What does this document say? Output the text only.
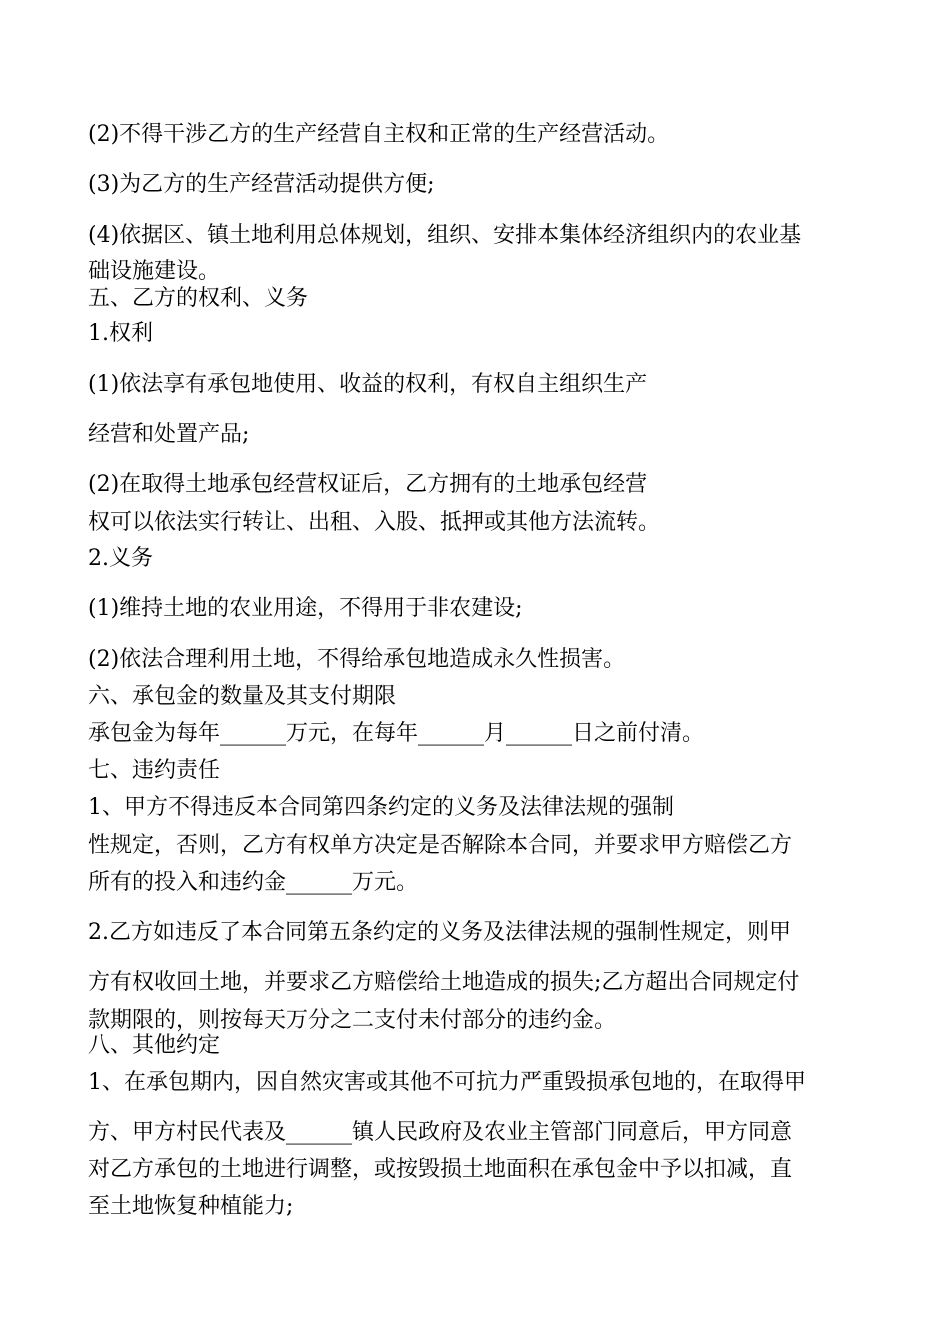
(2)不得干涉乙方的生产经营自主权和正常的生产经营活动。
(3)为乙方的生产经营活动提供方便;
(4)依据区、镇土地利用总体规划，组织、安排本集体经济组织内的农业基
础设施建设。
五、乙方的权利、义务
1.权利
(1)依法享有承包地使用、收益的权利，有权自主组织生产
经营和处置产品;
(2)在取得土地承包经营权证后，乙方拥有的土地承包经营
权可以依法实行转让、出租、入股、抵押或其他方法流转。
2.义务
(1)维持土地的农业用途，不得用于非农建设;
(2)依法合理利用土地，不得给承包地造成永久性损害。
六、承包金的数量及其支付期限
承包金为每年______万元，在每年______月______日之前付清。
七、违约责任
1、甲方不得违反本合同第四条约定的义务及法律法规的强制
性规定，否则，乙方有权单方决定是否解除本合同，并要求甲方赔偿乙方
所有的投入和违约金______万元。
2.乙方如违反了本合同第五条约定的义务及法律法规的强制性规定，则甲
方有权收回土地，并要求乙方赔偿给土地造成的损失;乙方超出合同规定付
款期限的，则按每天万分之二支付未付部分的违约金。
八、其他约定
1、在承包期内，因自然灾害或其他不可抗力严重毁损承包地的，在取得甲
方、甲方村民代表及______镇人民政府及农业主管部门同意后，甲方同意
对乙方承包的土地进行调整，或按毁损土地面积在承包金中予以扣减，直
至土地恢复种植能力;
